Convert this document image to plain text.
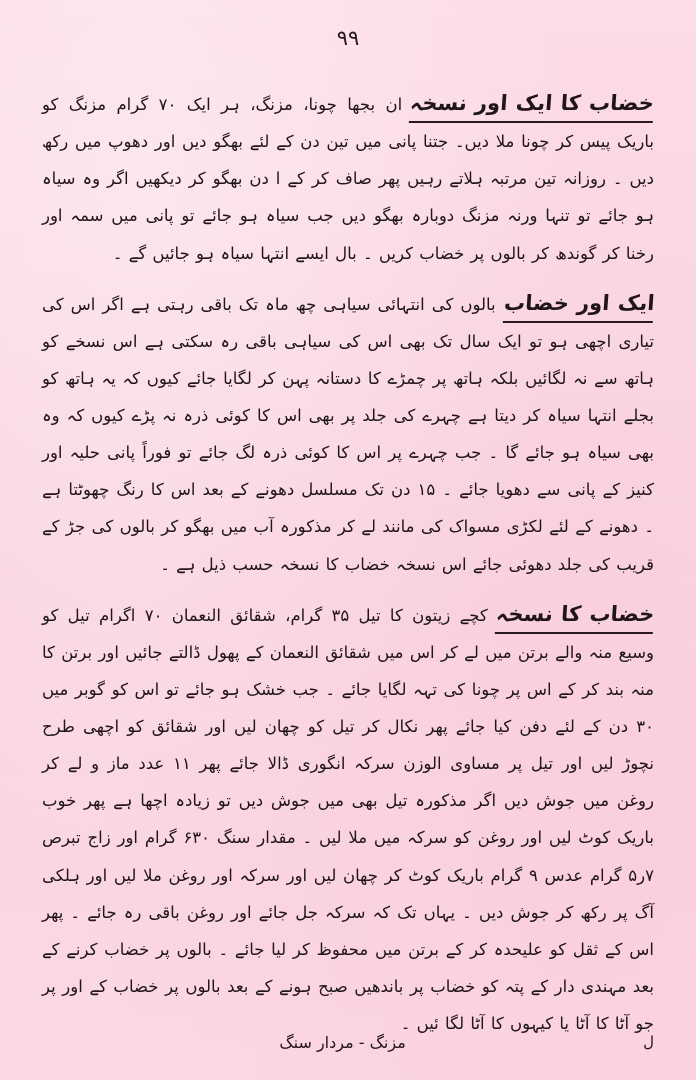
۹۹
خضاب کا ایک اور نسخہان بجھا چونا، مزنگ، ہر ایک ۷۰ گرام مزنگ کو باریک پیس کر چونا ملا دیں۔ جتنا پانی میں تین دن کے لئے بھگو دیں اور دھوپ میں رکھ دیں ۔ روزانہ تین مرتبہ ہلاتے رہیں پھر صاف کر کے ا دن بھگو کر دیکھیں اگر وہ سیاہ ہو جائے تو تنہا ورنہ مزنگ دوبارہ بھگو دیں جب سیاہ ہو جائے تو پانی میں سمہ اور رخنا کر گوندھ کر بالوں پر خضاب کریں ۔ بال ایسے انتہا سیاہ ہو جائیں گے ۔
ایک اور خضاببالوں کی انتہائی سیاہی چھ ماہ تک باقی رہتی ہے اگر اس کی تیاری اچھی ہو تو ایک سال تک بھی اس کی سیاہی باقی رہ سکتی ہے اس نسخے کو ہاتھ سے نہ لگائیں بلکہ ہاتھ پر چمڑے کا دستانہ پہن کر لگایا جائے کیوں کہ یہ ہاتھ کو بجلے انتہا سیاہ کر دیتا ہے چہرے کی جلد پر بھی اس کا کوئی ذرہ نہ پڑے کیوں کہ وہ بھی سیاہ ہو جائے گا ۔ جب چہرے پر اس کا کوئی ذرہ لگ جائے تو فوراً پانی حلیہ اور کنیز کے پانی سے دھویا جائے ۔ ۱۵ دن تک مسلسل دھونے کے بعد اس کا رنگ چھوٹتا ہے ۔ دھونے کے لئے لکڑی مسواک کی مانند لے کر مذکورہ آب میں بھگو کر بالوں کی جڑ کے قریب کی جلد دھوئی جائے اس نسخہ خضاب کا نسخہ حسب ذیل ہے ۔
خضاب کا نسخہکچے زیتون کا تیل ۳۵ گرام، شقائق النعمان ۷۰ اگرام تیل کو وسیع منہ والے برتن میں لے کر اس میں شقائق النعمان کے پھول ڈالتے جائیں اور برتن کا منہ بند کر کے اس پر چونا کی تہہ لگایا جائے ۔ جب خشک ہو جائے تو اس کو گوبر میں ۳۰ دن کے لئے دفن کیا جائے پھر نکال کر تیل کو چھان لیں اور شقائق کو اچھی طرح نچوڑ لیں اور تیل پر مساوی الوزن سرکہ انگوری ڈالا جائے پھر ۱۱ عدد ماز و لے کر روغن میں جوش دیں اگر مذکورہ تیل بھی میں جوش دیں تو زیادہ اچھا ہے پھر خوب باریک کوٹ لیں اور روغن کو سرکہ میں ملا لیں ۔ مقدار سنگ ۶۳۰ گرام اور زاج تبرص ۷ر۵ گرام عدس ۹ گرام باریک کوٹ کر چھان لیں اور سرکہ اور روغن ملا لیں اور ہلکی آگ پر رکھ کر جوش دیں ۔ یہاں تک کہ سرکہ جل جائے اور روغن باقی رہ جائے ۔ پھر اس کے ثقل کو علیحدہ کر کے برتن میں محفوظ کر لیا جائے ۔ بالوں پر خضاب کرنے کے بعد مہندی دار کے پتہ کو خضاب پر باندھیں صبح ہونے کے بعد بالوں پر خضاب کے اور پر جو آٹا کا آٹا یا کیہوں کا آٹا لگا ئیں ۔
ل
مزنگ - مردار سنگ
